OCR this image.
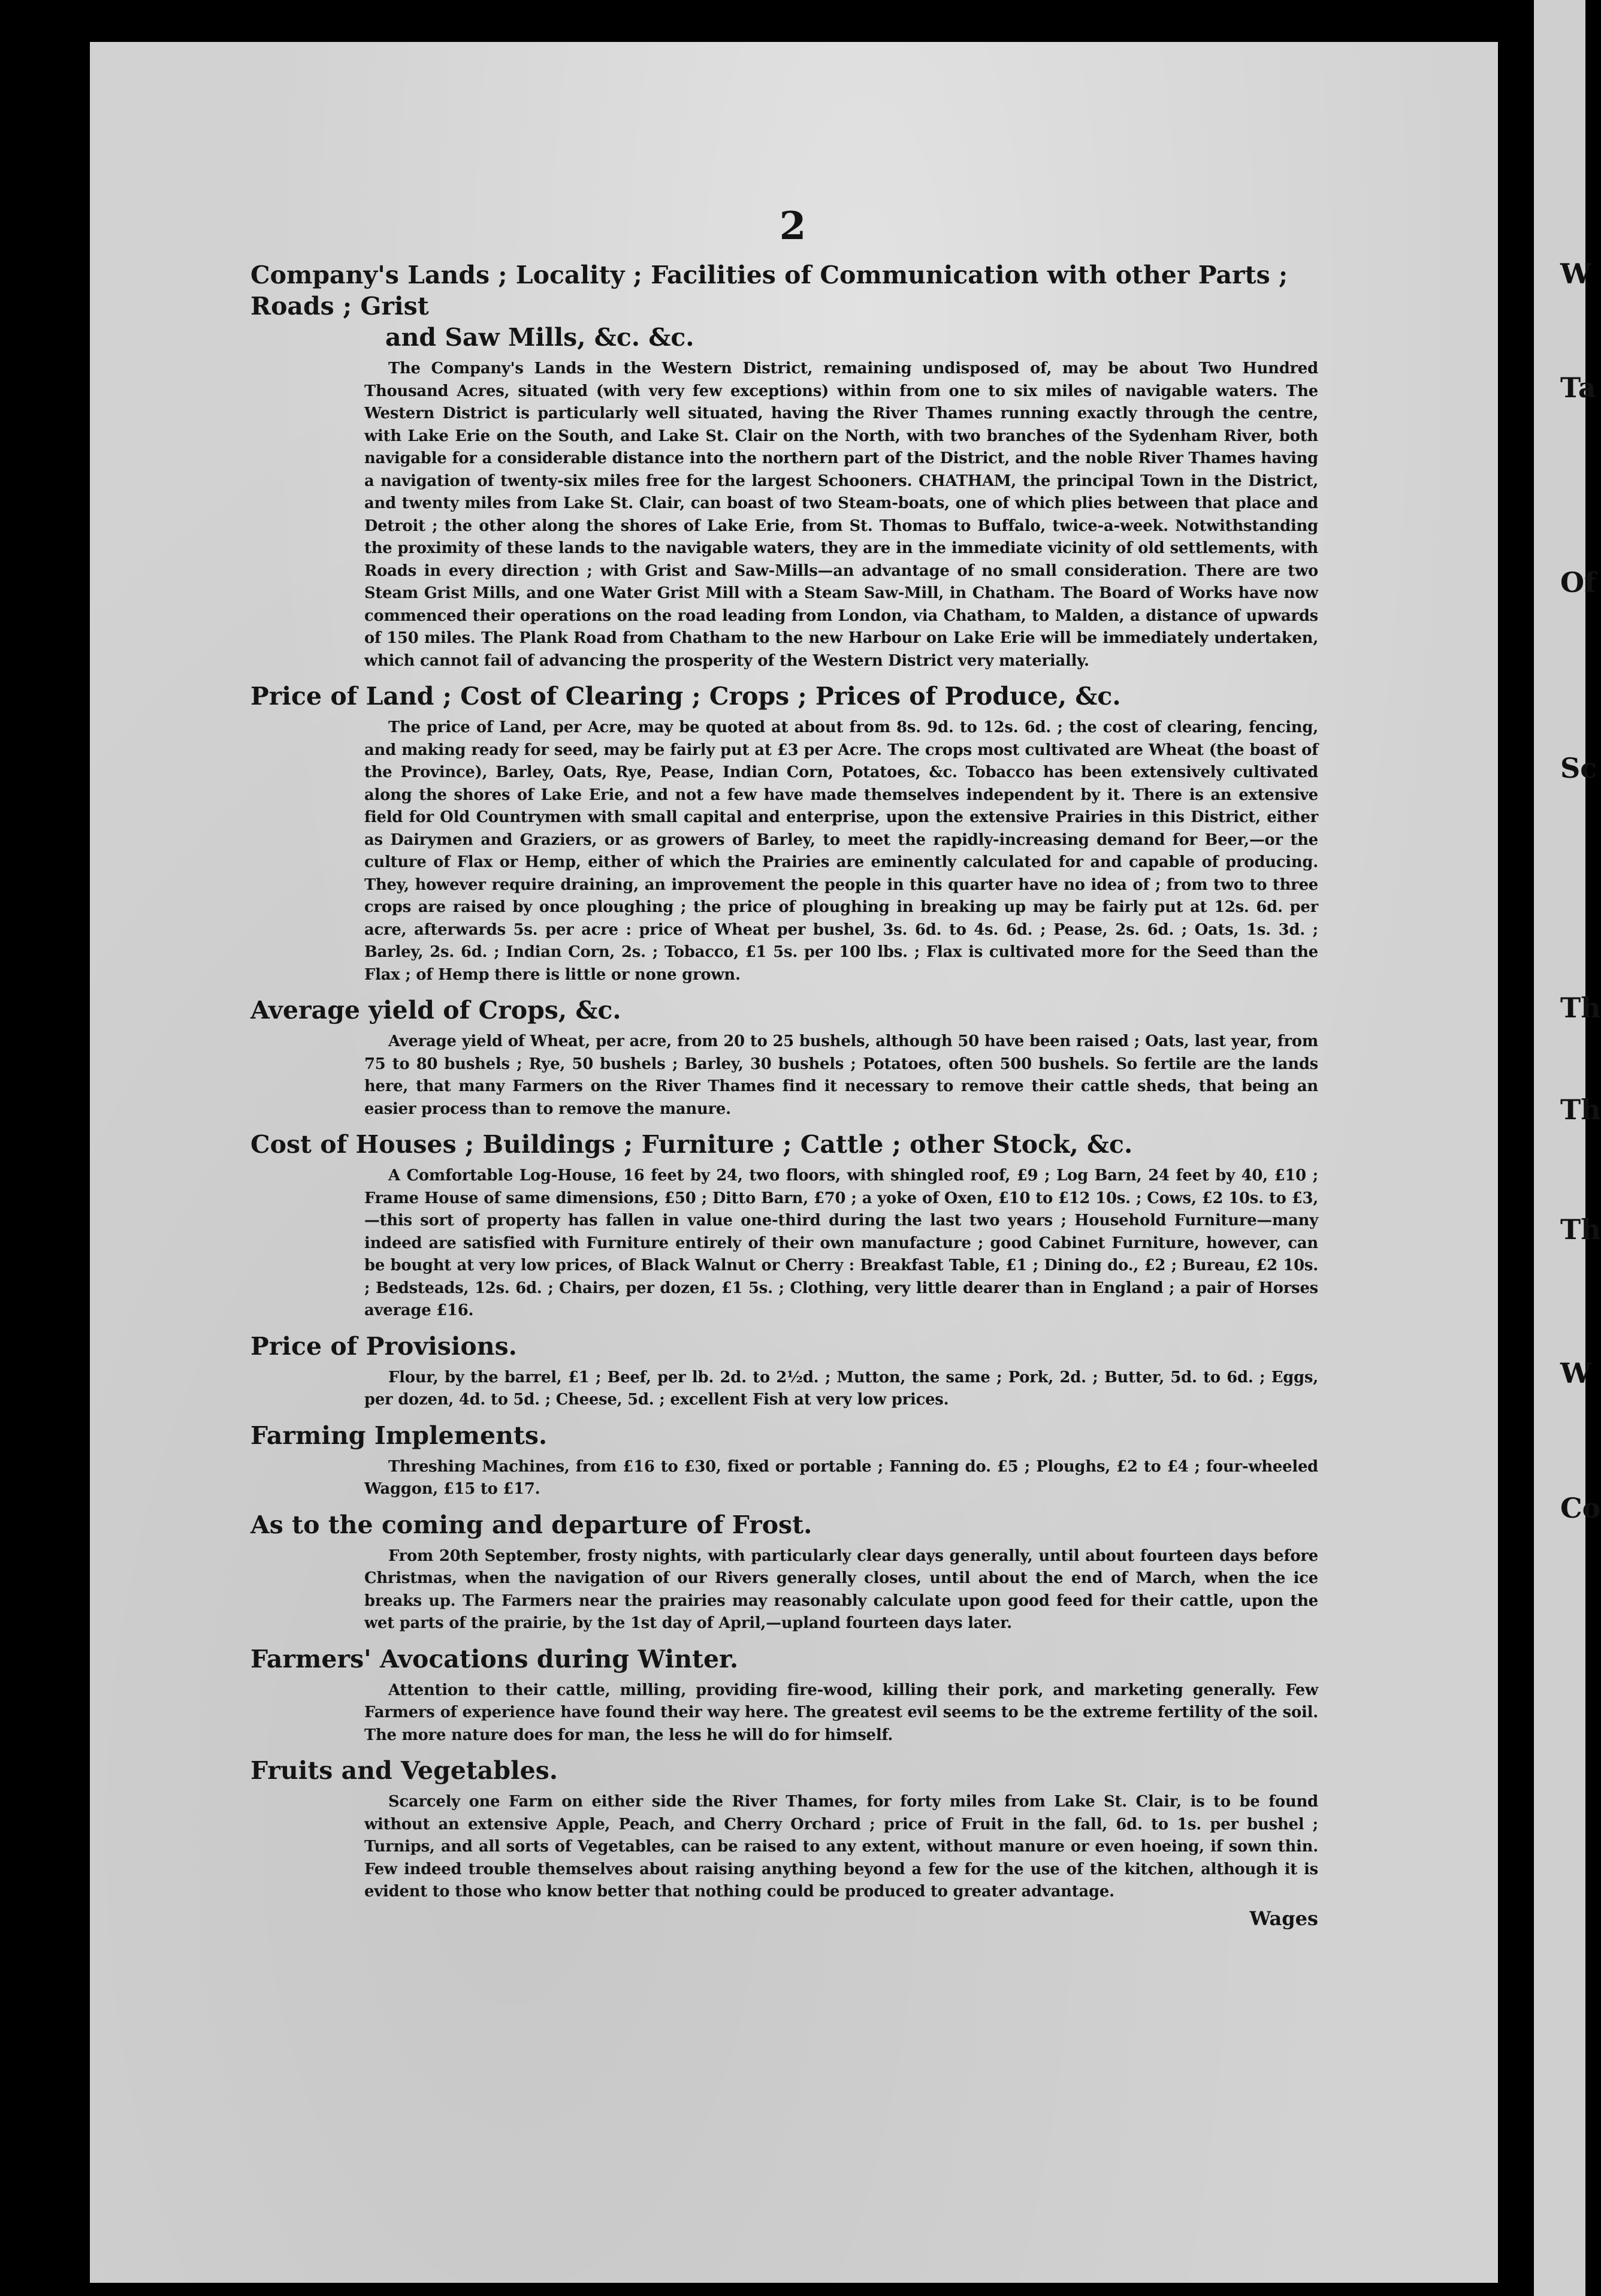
W
Ta
Of
Sc
Th
Th
Th
W
Co
2
Company's Lands ; Locality ; Facilities of Communication with other Parts ; Roads ; Grist
and Saw Mills, &c. &c.

The Company's Lands in the Western District, remaining undisposed of, may be about Two Hundred Thousand Acres, situated (with very few exceptions) within from one to six miles of navigable waters. The Western District is particularly well situated, having the River Thames running exactly through the centre, with Lake Erie on the South, and Lake St. Clair on the North, with two branches of the Sydenham River, both navigable for a considerable distance into the northern part of the District, and the noble River Thames having a navigation of twenty-six miles free for the largest Schooners. CHATHAM, the principal Town in the District, and twenty miles from Lake St. Clair, can boast of two Steam-boats, one of which plies between that place and Detroit ; the other along the shores of Lake Erie, from St. Thomas to Buffalo, twice-a-week. Notwithstanding the proximity of these lands to the navigable waters, they are in the immediate vicinity of old settlements, with Roads in every direction ; with Grist and Saw-Mills—an advantage of no small consideration. There are two Steam Grist Mills, and one Water Grist Mill with a Steam Saw-Mill, in Chatham. The Board of Works have now commenced their operations on the road leading from London, via Chatham, to Malden, a distance of upwards of 150 miles. The Plank Road from Chatham to the new Harbour on Lake Erie will be immediately undertaken, which cannot fail of advancing the prosperity of the Western District very materially.

Price of Land ; Cost of Clearing ; Crops ; Prices of Produce, &c.

The price of Land, per Acre, may be quoted at about from 8s. 9d. to 12s. 6d. ; the cost of clearing, fencing, and making ready for seed, may be fairly put at £3 per Acre. The crops most cultivated are Wheat (the boast of the Province), Barley, Oats, Rye, Pease, Indian Corn, Potatoes, &c. Tobacco has been extensively cultivated along the shores of Lake Erie, and not a few have made themselves independent by it. There is an extensive field for Old Countrymen with small capital and enterprise, upon the extensive Prairies in this District, either as Dairymen and Graziers, or as growers of Barley, to meet the rapidly-increasing demand for Beer,—or the culture of Flax or Hemp, either of which the Prairies are eminently calculated for and capable of producing. They, however require draining, an improvement the people in this quarter have no idea of ; from two to three crops are raised by once ploughing ; the price of ploughing in breaking up may be fairly put at 12s. 6d. per acre, afterwards 5s. per acre : price of Wheat per bushel, 3s. 6d. to 4s. 6d. ; Pease, 2s. 6d. ; Oats, 1s. 3d. ; Barley, 2s. 6d. ; Indian Corn, 2s. ; Tobacco, £1 5s. per 100 lbs. ; Flax is cultivated more for the Seed than the Flax ; of Hemp there is little or none grown.

Average yield of Crops, &c.

Average yield of Wheat, per acre, from 20 to 25 bushels, although 50 have been raised ; Oats, last year, from 75 to 80 bushels ; Rye, 50 bushels ; Barley, 30 bushels ; Potatoes, often 500 bushels. So fertile are the lands here, that many Farmers on the River Thames find it necessary to remove their cattle sheds, that being an easier process than to remove the manure.

Cost of Houses ; Buildings ; Furniture ; Cattle ; other Stock, &c.

A Comfortable Log-House, 16 feet by 24, two floors, with shingled roof, £9 ; Log Barn, 24 feet by 40, £10 ; Frame House of same dimensions, £50 ; Ditto Barn, £70 ; a yoke of Oxen, £10 to £12 10s. ; Cows, £2 10s. to £3,—this sort of property has fallen in value one-third during the last two years ; Household Furniture—many indeed are satisfied with Furniture entirely of their own manufacture ; good Cabinet Furniture, however, can be bought at very low prices, of Black Walnut or Cherry : Breakfast Table, £1 ; Dining do., £2 ; Bureau, £2 10s. ; Bedsteads, 12s. 6d. ; Chairs, per dozen, £1 5s. ; Clothing, very little dearer than in England ; a pair of Horses average £16.

Price of Provisions.

Flour, by the barrel, £1 ; Beef, per lb. 2d. to 2½d. ; Mutton, the same ; Pork, 2d. ; Butter, 5d. to 6d. ; Eggs, per dozen, 4d. to 5d. ; Cheese, 5d. ; excellent Fish at very low prices.

Farming Implements.

Threshing Machines, from £16 to £30, fixed or portable ; Fanning do. £5 ; Ploughs, £2 to £4 ; four-wheeled Waggon, £15 to £17.

As to the coming and departure of Frost.

From 20th September, frosty nights, with particularly clear days generally, until about fourteen days before Christmas, when the navigation of our Rivers generally closes, until about the end of March, when the ice breaks up. The Farmers near the prairies may reasonably calculate upon good feed for their cattle, upon the wet parts of the prairie, by the 1st day of April,—upland fourteen days later.

Farmers' Avocations during Winter.

Attention to their cattle, milling, providing fire-wood, killing their pork, and marketing generally. Few Farmers of experience have found their way here. The greatest evil seems to be the extreme fertility of the soil. The more nature does for man, the less he will do for himself.

Fruits and Vegetables.

Scarcely one Farm on either side the River Thames, for forty miles from Lake St. Clair, is to be found without an extensive Apple, Peach, and Cherry Orchard ; price of Fruit in the fall, 6d. to 1s. per bushel ; Turnips, and all sorts of Vegetables, can be raised to any extent, without manure or even hoeing, if sown thin. Few indeed trouble themselves about raising anything beyond a few for the use of the kitchen, although it is evident to those who know better that nothing could be produced to greater advantage.

Wages
